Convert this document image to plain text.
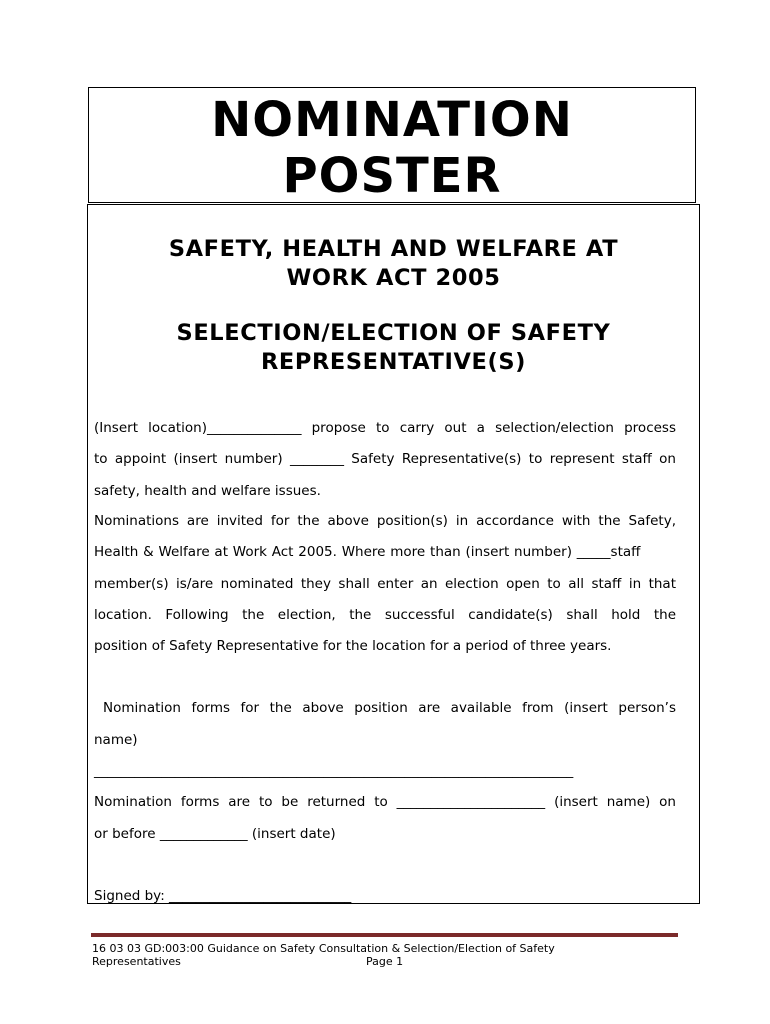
NOMINATION
POSTER
SAFETY, HEALTH AND WELFARE AT
WORK ACT 2005
SELECTION/ELECTION OF SAFETY
REPRESENTATIVE(S)
(Insert location)______________ propose to carry out a selection/election process
to appoint (insert number) ________ Safety Representative(s) to represent staff on
safety, health and welfare issues.
Nominations are invited for the above position(s) in accordance with the Safety,
Health & Welfare at Work Act 2005. Where more than (insert number) _____staff
member(s) is/are nominated they shall enter an election open to all staff in that
location. Following the election, the successful candidate(s) shall hold the
position of Safety Representative for the location for a period of three years.
Nomination forms for the above position are available from (insert person’s
name)
_______________________________________________________________________
Nomination forms are to be returned to ______________________ (insert name) on
or before _____________ (insert date)
Signed by: ___________________________
16 03 03 GD:003:00 Guidance on Safety Consultation & Selection/Election of Safety
Representatives	Page 1
